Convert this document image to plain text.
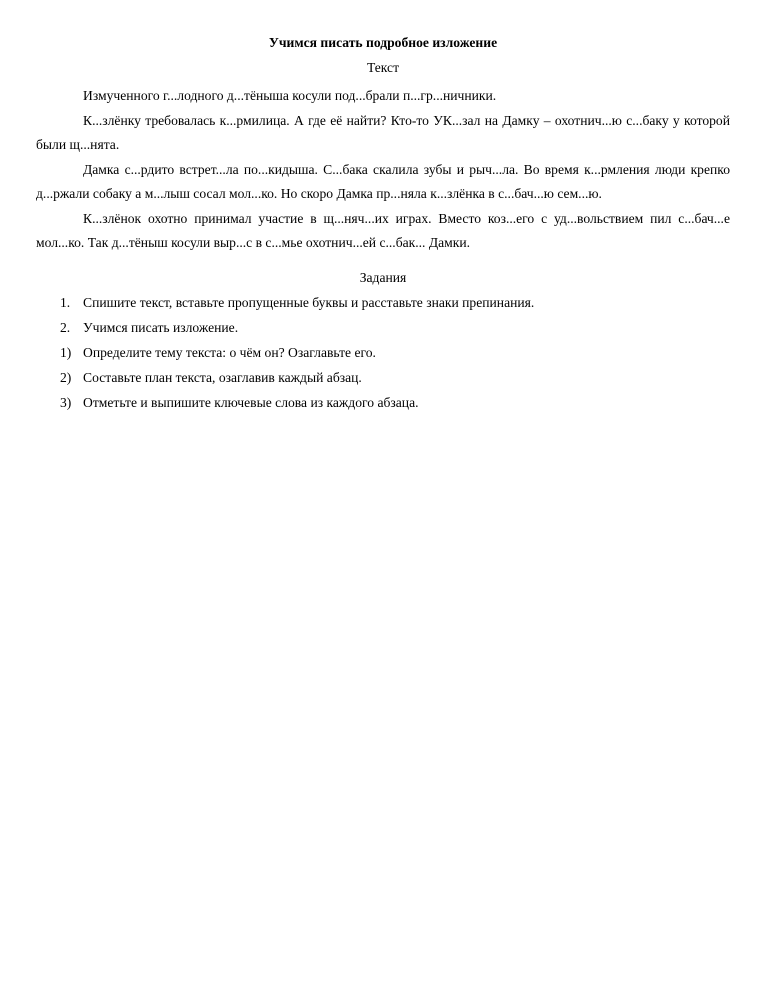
Учимся писать подробное изложение

Текст

Измученного г...лодного д...тёныша косули под...брали п...гр...ничники.

К...злёнку требовалась к...рмилица. А где её найти? Кто-то УК...зал на Дамку – охотнич...ю с...баку у которой были щ...нята.

Дамка с...рдито встрет...ла по...кидыша. С...бака скалила зубы и рыч...ла. Во время к...рмления люди крепко д...ржали собаку а м...лыш сосал мол...ко. Но скоро Дамка пр...няла к...злёнка в с...бач...ю сем...ю.

К...злёнок охотно принимал участие в щ...няч...их играх. Вместо коз...его с уд...вольствием пил с...бач...е мол...ко. Так д...тёныш косули выр...с в с...мье охотнич...ей с...бак... Дамки.

Задания

1. Спишите текст, вставьте пропущенные буквы и расставьте знаки препинания.
2. Учимся писать изложение.
1) Определите тему текста: о чём он? Озаглавьте его.
2) Составьте план текста, озаглавив каждый абзац.
3) Отметьте и выпишите ключевые слова из каждого абзаца.
